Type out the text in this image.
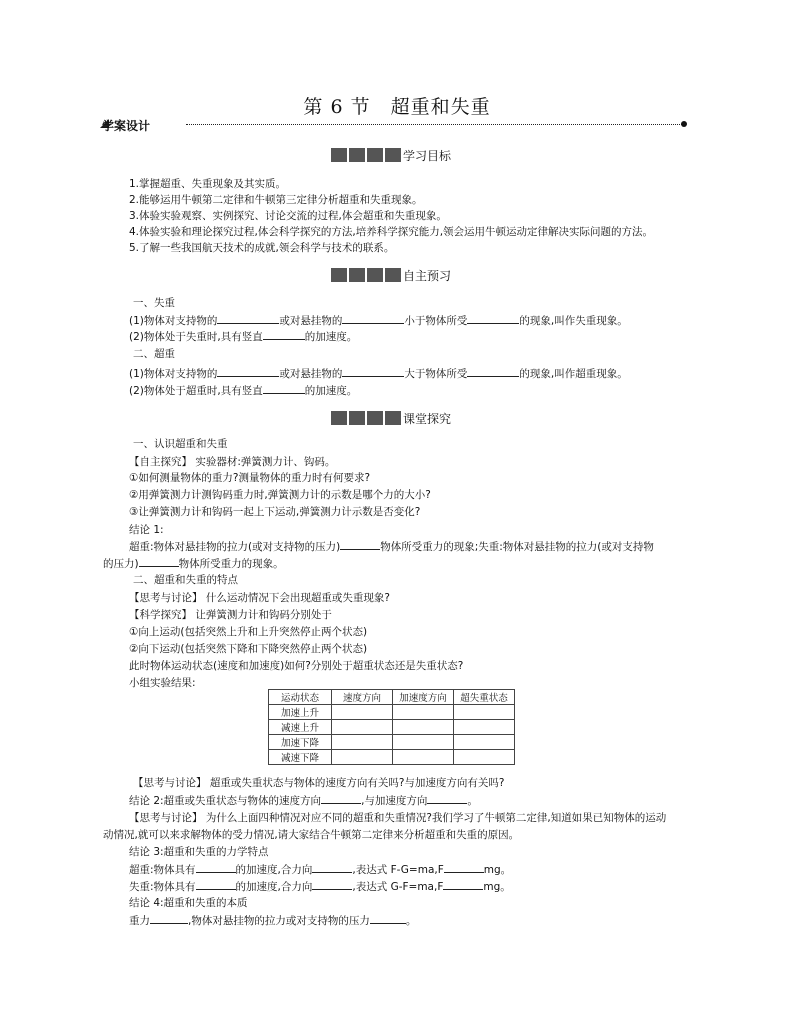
第 6 节　超重和失重
学案设计
学习目标
1.掌握超重、失重现象及其实质。
2.能够运用牛顿第二定律和牛顿第三定律分析超重和失重现象。
3.体验实验观察、实例探究、讨论交流的过程,体会超重和失重现象。
4.体验实验和理论探究过程,体会科学探究的方法,培养科学探究能力,领会运用牛顿运动定律解决实际问题的方法。
5.了解一些我国航天技术的成就,领会科学与技术的联系。
自主预习
一、失重
(1)物体对支持物的	或对悬挂物的	小于物体所受	的现象,叫作失重现象。
(2)物体处于失重时,具有竖直	的加速度。
二、超重
(1)物体对支持物的	或对悬挂物的	大于物体所受	的现象,叫作超重现象。
(2)物体处于超重时,具有竖直	的加速度。
课堂探究
一、认识超重和失重
【自主探究】 实验器材:弹簧测力计、钩码。
①如何测量物体的重力?测量物体的重力时有何要求?
②用弹簧测力计测钩码重力时,弹簧测力计的示数是哪个力的大小?
③让弹簧测力计和钩码一起上下运动,弹簧测力计示数是否变化?
结论 1:
超重:物体对悬挂物的拉力(或对支持物的压力)	物体所受重力的现象;失重:物体对悬挂物的拉力(或对支持物
的压力)	物体所受重力的现象。
二、超重和失重的特点
【思考与讨论】 什么运动情况下会出现超重或失重现象?
【科学探究】 让弹簧测力计和钩码分别处于
①向上运动(包括突然上升和上升突然停止两个状态)
②向下运动(包括突然下降和下降突然停止两个状态)
此时物体运动状态(速度和加速度)如何?分别处于超重状态还是失重状态?
小组实验结果:
运动状态	速度方向	加速度方向	超失重状态
加速上升			
减速上升			
加速下降			
减速下降			
【思考与讨论】 超重或失重状态与物体的速度方向有关吗?与加速度方向有关吗?
结论 2:超重或失重状态与物体的速度方向	,与加速度方向	。
【思考与讨论】 为什么上面四种情况对应不同的超重和失重情况?我们学习了牛顿第二定律,知道如果已知物体的运动
动情况,就可以来求解物体的受力情况,请大家结合牛顿第二定律来分析超重和失重的原因。
结论 3:超重和失重的力学特点
超重:物体具有	的加速度,合力向	,表达式 F-G=ma,F	mg。
失重:物体具有	的加速度,合力向	,表达式 G-F=ma,F	mg。
结论 4:超重和失重的本质
重力	,物体对悬挂物的拉力或对支持物的压力	。
